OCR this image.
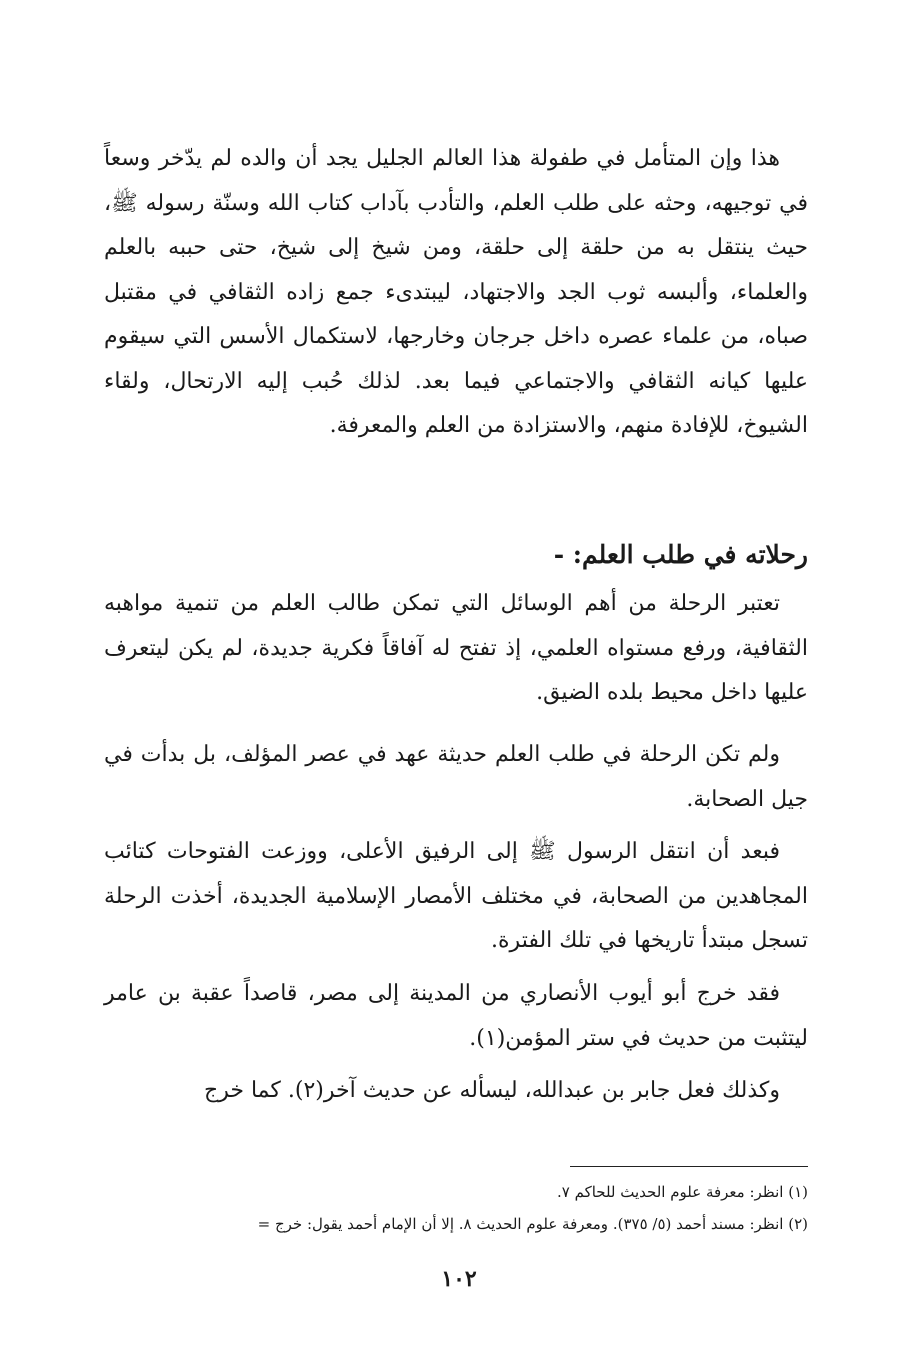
هذا وإن المتأمل في طفولة هذا العالم الجليل يجد أن والده لم يدّخر وسعاً في توجيهه، وحثه على طلب العلم، والتأدب بآداب كتاب الله وسنّة رسوله ﷺ، حيث ينتقل به من حلقة إلى حلقة، ومن شيخ إلى شيخ، حتى حببه بالعلم والعلماء، وألبسه ثوب الجد والاجتهاد، ليبتدىء جمع زاده الثقافي في مقتبل صباه، من علماء عصره داخل جرجان وخارجها، لاستكمال الأسس التي سيقوم عليها كيانه الثقافي والاجتماعي فيما بعد. لذلك حُبب إليه الارتحال، ولقاء الشيوخ، للإفادة منهم، والاستزادة من العلم والمعرفة.

رحلاته في طلب العلم: -

تعتبر الرحلة من أهم الوسائل التي تمكن طالب العلم من تنمية مواهبه الثقافية، ورفع مستواه العلمي، إذ تفتح له آفاقاً فكرية جديدة، لم يكن ليتعرف عليها داخل محيط بلده الضيق.

ولم تكن الرحلة في طلب العلم حديثة عهد في عصر المؤلف، بل بدأت في جيل الصحابة.

فبعد أن انتقل الرسول ﷺ إلى الرفيق الأعلى، ووزعت الفتوحات كتائب المجاهدين من الصحابة، في مختلف الأمصار الإسلامية الجديدة، أخذت الرحلة تسجل مبتدأ تاريخها في تلك الفترة.

فقد خرج أبو أيوب الأنصاري من المدينة إلى مصر، قاصداً عقبة بن عامر ليتثبت من حديث في ستر المؤمن(١).

وكذلك فعل جابر بن عبدالله، ليسأله عن حديث آخر(٢). كما خرج

(١) انظر: معرفة علوم الحديث للحاكم ٧.

(٢) انظر: مسند أحمد (٥/ ٣٧٥). ومعرفة علوم الحديث ٨. إلا أن الإمام أحمد يقول: خرج =

١٠٢
